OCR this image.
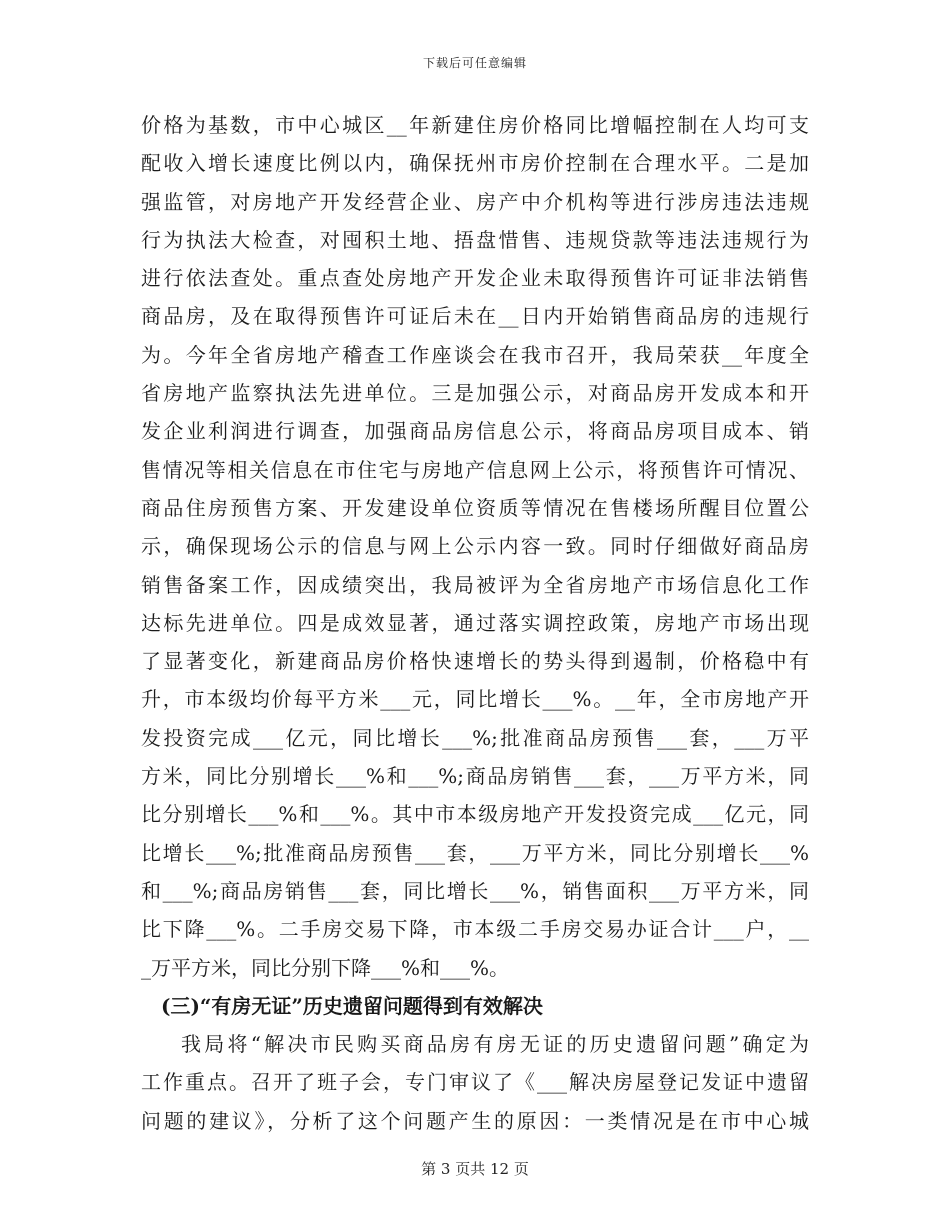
下载后可任意编辑
价格为基数，市中心城区__年新建住房价格同比增幅控制在人均可支
配收入增长速度比例以内，确保抚州市房价控制在合理水平。二是加
强监管，对房地产开发经营企业、房产中介机构等进行涉房违法违规
行为执法大检查，对囤积土地、捂盘惜售、违规贷款等违法违规行为
进行依法查处。重点查处房地产开发企业未取得预售许可证非法销售
商品房，及在取得预售许可证后未在__日内开始销售商品房的违规行
为。今年全省房地产稽查工作座谈会在我市召开，我局荣获__年度全
省房地产监察执法先进单位。三是加强公示，对商品房开发成本和开
发企业利润进行调查，加强商品房信息公示，将商品房项目成本、销
售情况等相关信息在市住宅与房地产信息网上公示，将预售许可情况、
商品住房预售方案、开发建设单位资质等情况在售楼场所醒目位置公
示，确保现场公示的信息与网上公示内容一致。同时仔细做好商品房
销售备案工作，因成绩突出，我局被评为全省房地产市场信息化工作
达标先进单位。四是成效显著，通过落实调控政策，房地产市场出现
了显著变化，新建商品房价格快速增长的势头得到遏制，价格稳中有
升，市本级均价每平方米___元，同比增长___%。__年，全市房地产开
发投资完成___亿元，同比增长___%;批准商品房预售___套，___万平
方米，同比分别增长___%和___%;商品房销售___套，___万平方米，同
比分别增长___%和___%。其中市本级房地产开发投资完成___亿元，同
比增长___%;批准商品房预售___套，___万平方米，同比分别增长___%
和___%;商品房销售___套，同比增长___%，销售面积___万平方米，同
比下降___%。二手房交易下降，市本级二手房交易办证合计___户，__
_万平方米，同比分别下降___%和___%。
(三)“有房无证”历史遗留问题得到有效解决
我局将“解决市民购买商品房有房无证的历史遗留问题”确定为
工作重点。召开了班子会，专门审议了《___解决房屋登记发证中遗留
问题的建议》，分析了这个问题产生的原因：一类情况是在市中心城
第 3 页共 12 页
